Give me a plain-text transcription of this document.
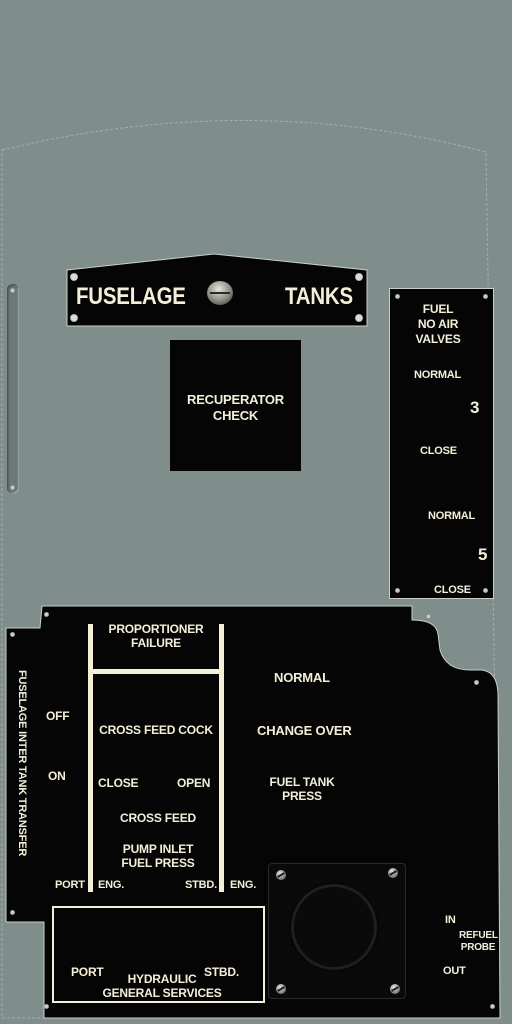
FUSELAGE	TANKS
RECUPERATOR
CHECK
FUEL
NO AIR
VALVES
NORMAL
3
CLOSE
NORMAL
5
CLOSE
FUSELAGE INTER TANK TRANSFER OFF
ON
PROPORTIONER
FAILURE
CROSS FEED COCK
CLOSE	OPEN
CROSS FEED
PUMP INLET
FUEL PRESS
PORT ENG.	STBD. ENG.
NORMAL
CHANGE OVER
FUEL TANK
PRESS
IN
REFUEL
PROBE
OUT
PORT	STBD.
HYDRAULIC
GENERAL SERVICES
